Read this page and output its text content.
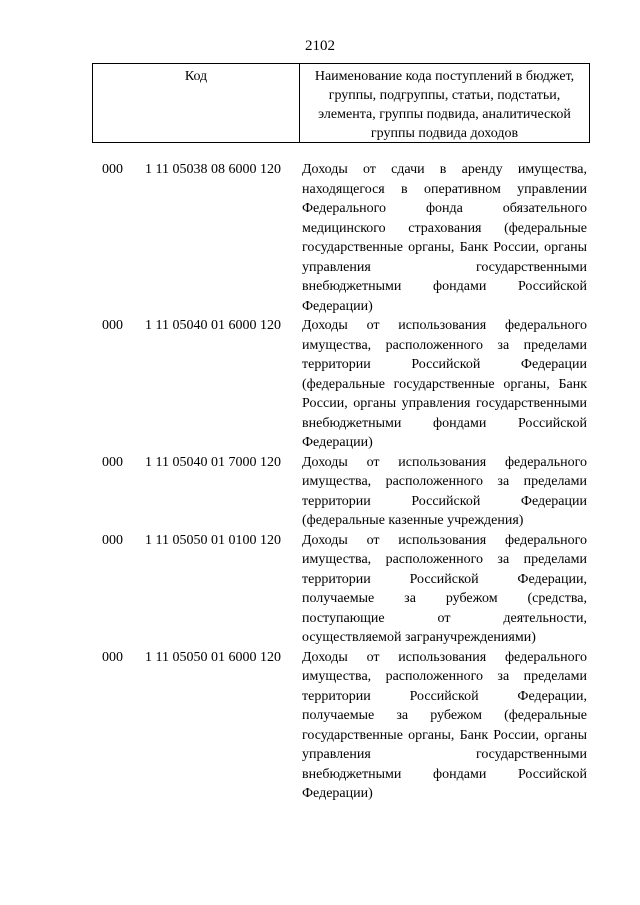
2102
Код	Наименование кода поступлений в бюджет, группы, подгруппы, статьи, подстатьи, элемента, группы подвида, аналитической группы подвида доходов
000 1 11 05038 08 6000 120 Доходы от сдачи в аренду имущества, находящегося в оперативном управлении Федерального фонда обязательного медицинского страхования (федеральные государственные органы, Банк России, органы управления государственными внебюджетными фондами Российской Федерации)
000 1 11 05040 01 6000 120 Доходы от использования федерального имущества, расположенного за пределами территории Российской Федерации (федеральные государственные органы, Банк России, органы управления государственными внебюджетными фондами Российской Федерации)
000 1 11 05040 01 7000 120 Доходы от использования федерального имущества, расположенного за пределами территории Российской Федерации (федеральные казенные учреждения)
000 1 11 05050 01 0100 120 Доходы от использования федерального имущества, расположенного за пределами территории Российской Федерации, получаемые за рубежом (средства, поступающие от деятельности, осуществляемой загранучреждениями)
000 1 11 05050 01 6000 120 Доходы от использования федерального имущества, расположенного за пределами территории Российской Федерации, получаемые за рубежом (федеральные государственные органы, Банк России, органы управления государственными внебюджетными фондами Российской Федерации)
